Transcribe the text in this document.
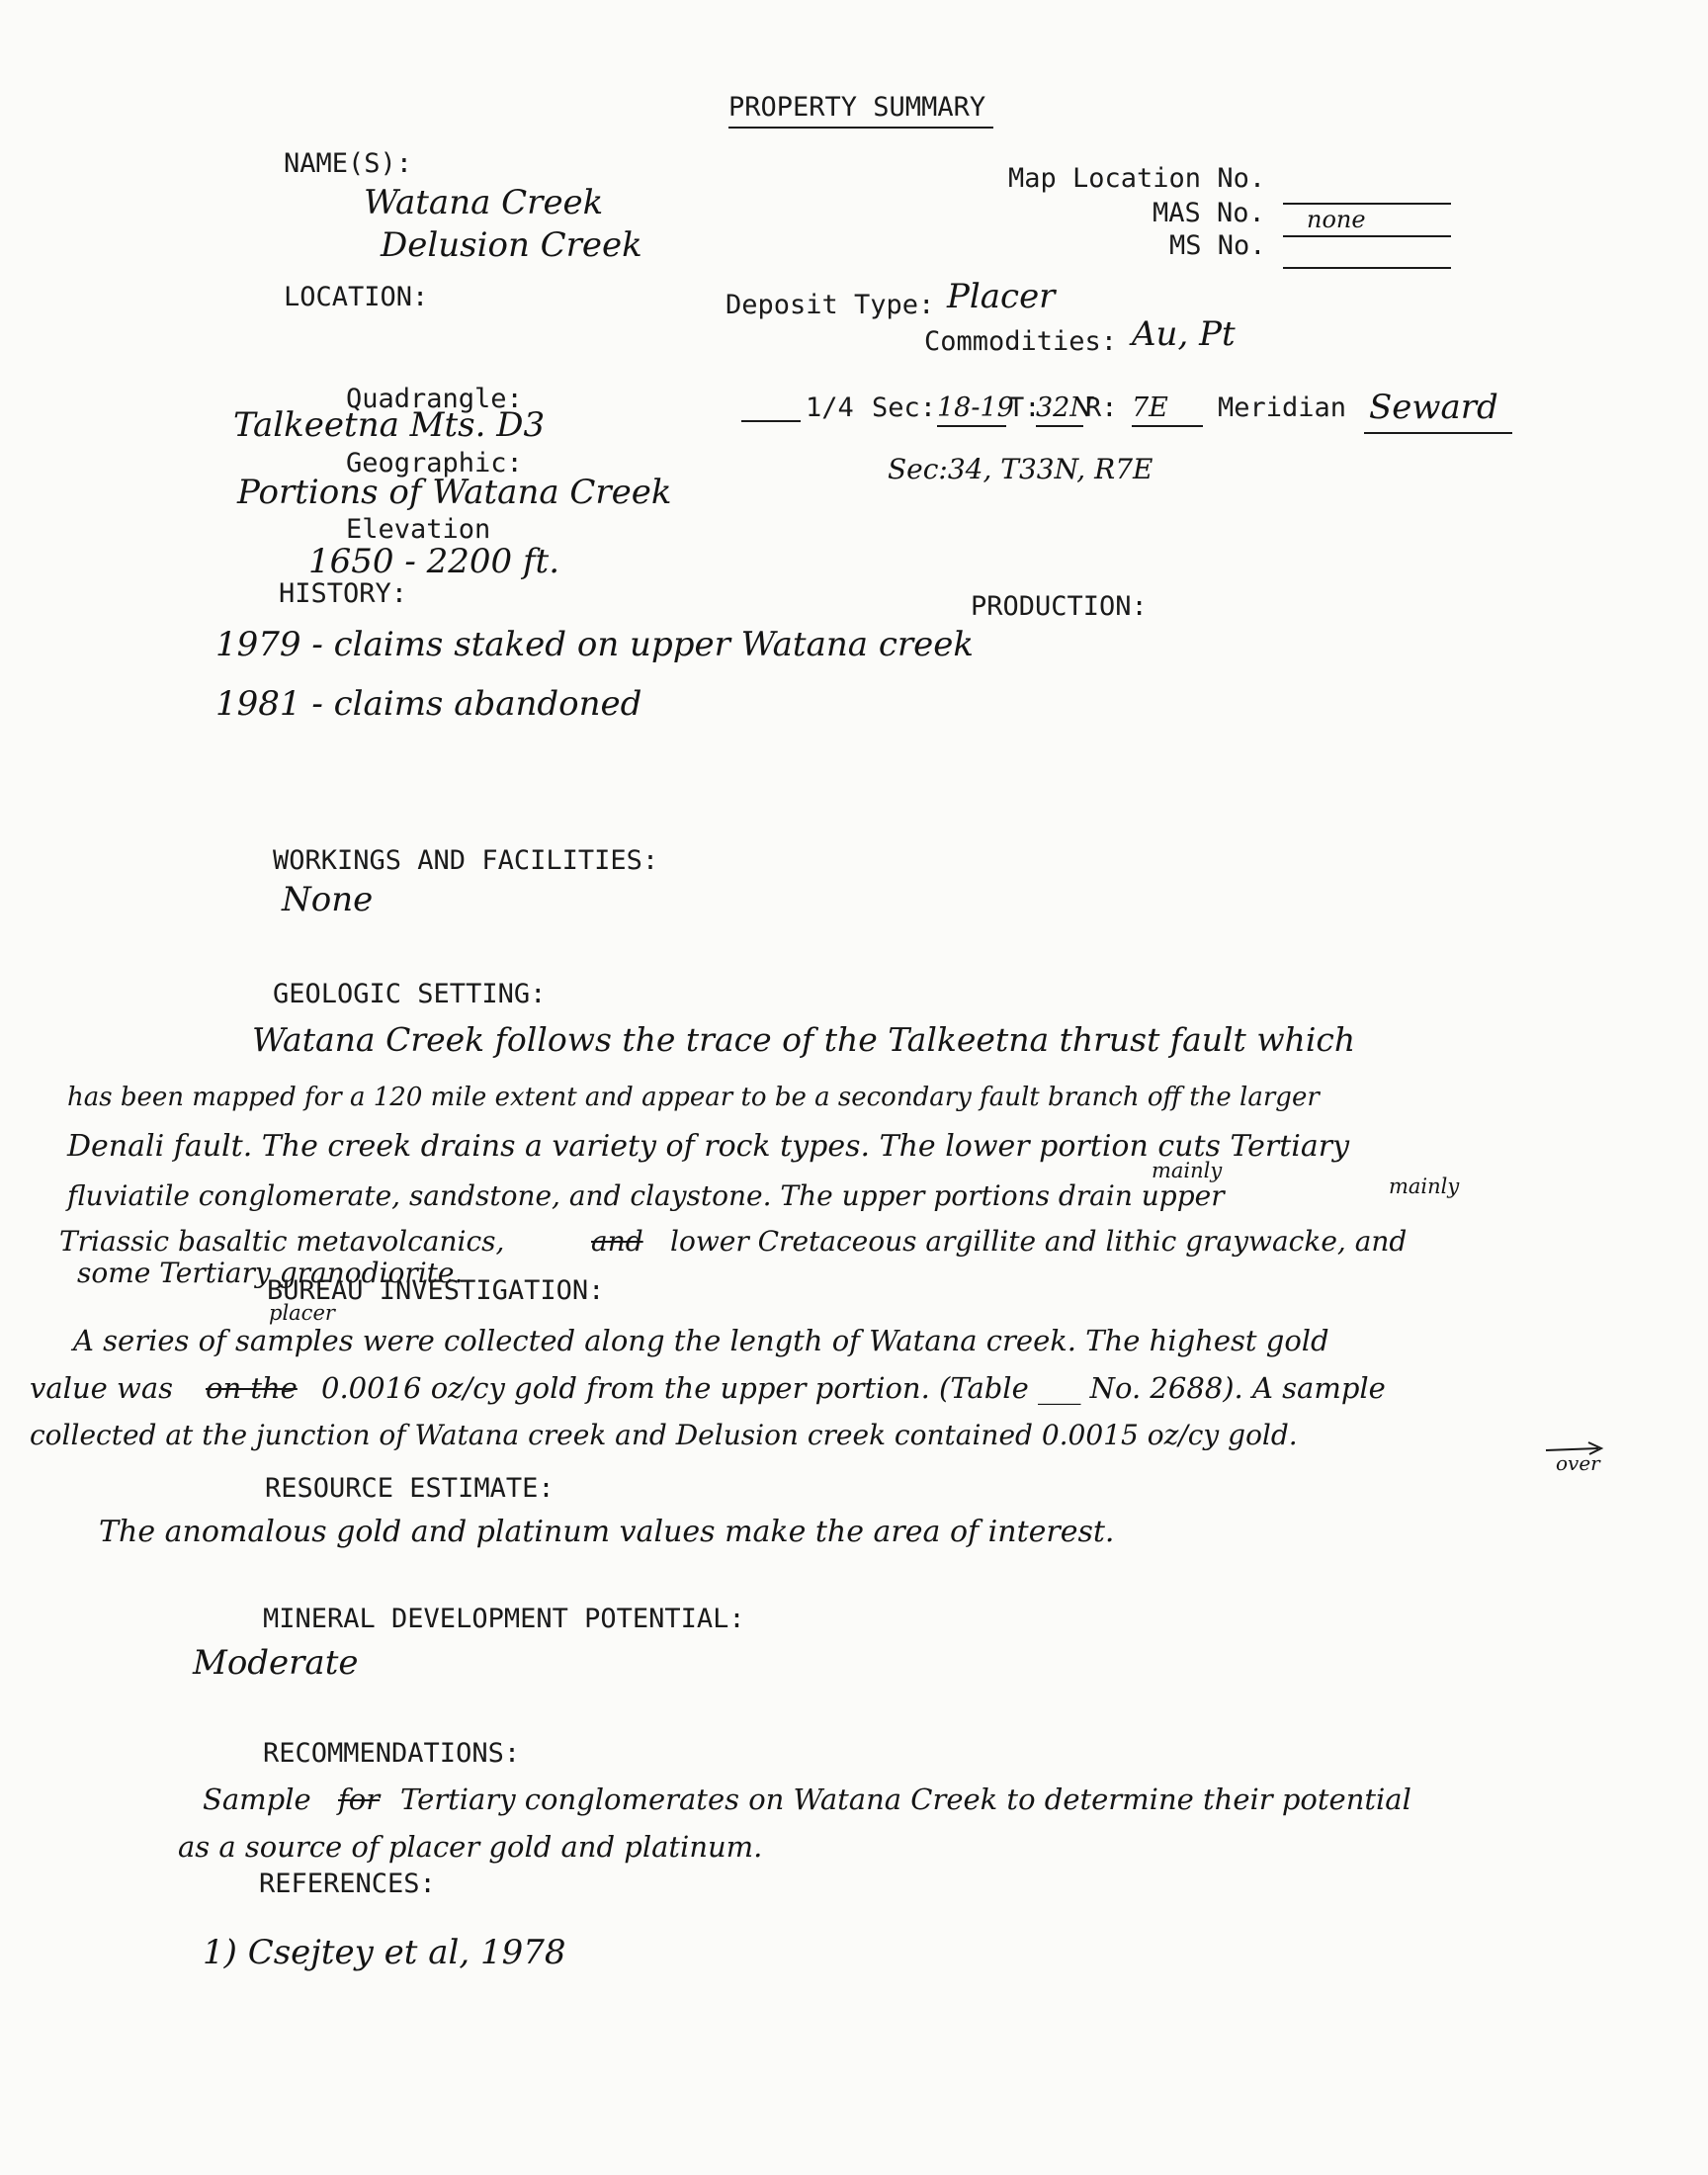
PROPERTY SUMMARY
NAME(S):
Watana Creek
Delusion Creek
Map Location No.
MAS No. none
MS No.
LOCATION:	Deposit Type: Placer
Commodities: Au, Pt
Quadrangle:
Talkeetna Mts. D3	1/4 Sec: 18-19
T:
32N
R: 7E Meridian Seward
Sec:34, T33N, R7E
Geographic:
Portions of Watana Creek
Elevation
1650 - 2200 ft.
HISTORY:	PRODUCTION:
1979 - claims staked on upper Watana creek
1981 - claims abandoned
WORKINGS AND FACILITIES:
None
GEOLOGIC SETTING:
Watana Creek follows the trace of the Talkeetna thrust fault which
has been mapped for a 120 mile extent and appear to be a secondary fault branch off the larger
Denali fault. The creek drains a variety of rock types. The lower portion cuts Tertiary
mainly
mainly
fluviatile conglomerate, sandstone, and claystone. The upper portions drain upper
Triassic basaltic metavolcanics,	and lower Cretaceous argillite and lithic graywacke, and
some Tertiary granodiorite.
BUREAU INVESTIGATION:
placer
A series of samples were collected along the length of Watana creek. The highest gold
value was on the 0.0016 oz/cy gold from the upper portion. (Table ___ No. 2688). A sample
collected at the junction of Watana creek and Delusion creek contained 0.0015 oz/cy gold.
over
RESOURCE ESTIMATE:
The anomalous gold and platinum values make the area of interest.
MINERAL DEVELOPMENT POTENTIAL:
Moderate
RECOMMENDATIONS:
Sample for Tertiary conglomerates on Watana Creek to determine their potential
as a source of placer gold and platinum.
REFERENCES:
1) Csejtey et al, 1978
